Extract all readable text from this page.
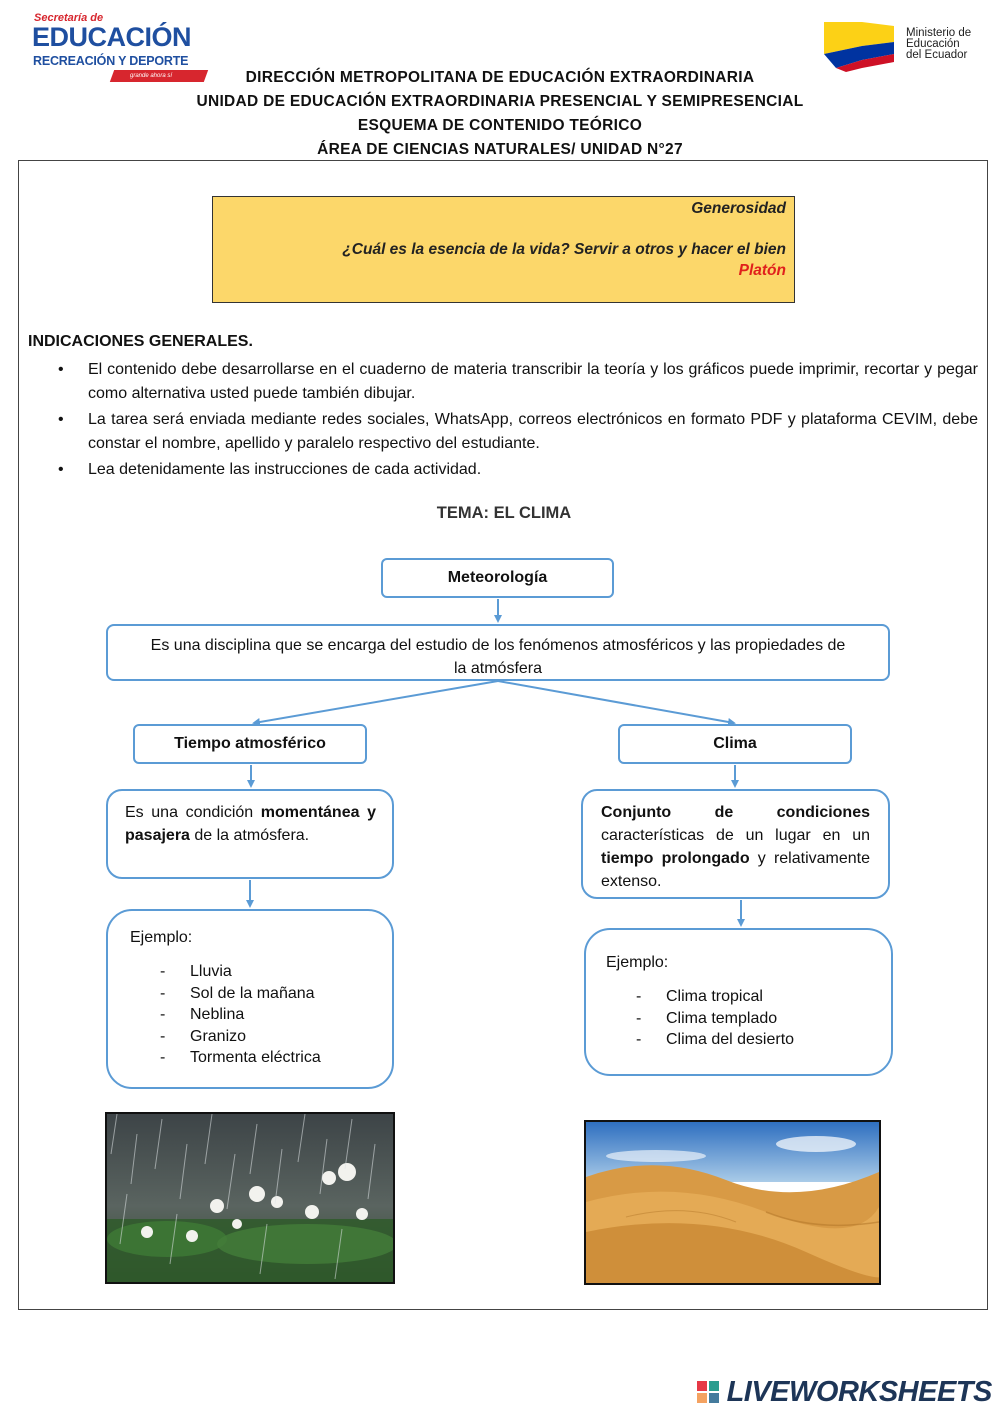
Secretaría de
EDUCACIÓN
RECREACIÓN Y DEPORTE
grande ahora sí
Ministerio de
Educación
del Ecuador
DIRECCIÓN METROPOLITANA DE EDUCACIÓN EXTRAORDINARIA
UNIDAD DE EDUCACIÓN EXTRAORDINARIA PRESENCIAL Y SEMIPRESENCIAL
ESQUEMA DE CONTENIDO TEÓRICO
ÁREA DE CIENCIAS NATURALES/ UNIDAD N°27
Generosidad
¿Cuál es la esencia de la vida? Servir a otros y hacer el bien
Platón
INDICACIONES GENERALES.
• El contenido debe desarrollarse en el cuaderno de materia transcribir la teoría y los gráficos puede imprimir, recortar y pegar como alternativa usted puede también dibujar.
• La tarea será enviada mediante redes sociales, WhatsApp, correos electrónicos en formato PDF y plataforma CEVIM, debe constar el nombre, apellido y paralelo respectivo del estudiante.
• Lea detenidamente las instrucciones de cada actividad.
TEMA: EL CLIMA
Meteorología
Es una disciplina que se encarga del estudio de los fenómenos atmosféricos y las propiedades de la atmósfera
Tiempo atmosférico	Clima
Es una condición momentánea y pasajera de la atmósfera.
Conjunto de condiciones características de un lugar en un tiempo prolongado y relativamente extenso.
Ejemplo:
- Lluvia
- Sol de la mañana
- Neblina
- Granizo
- Tormenta eléctrica
Ejemplo:
- Clima tropical
- Clima templado
- Clima del desierto
LIVEWORKSHEETS
